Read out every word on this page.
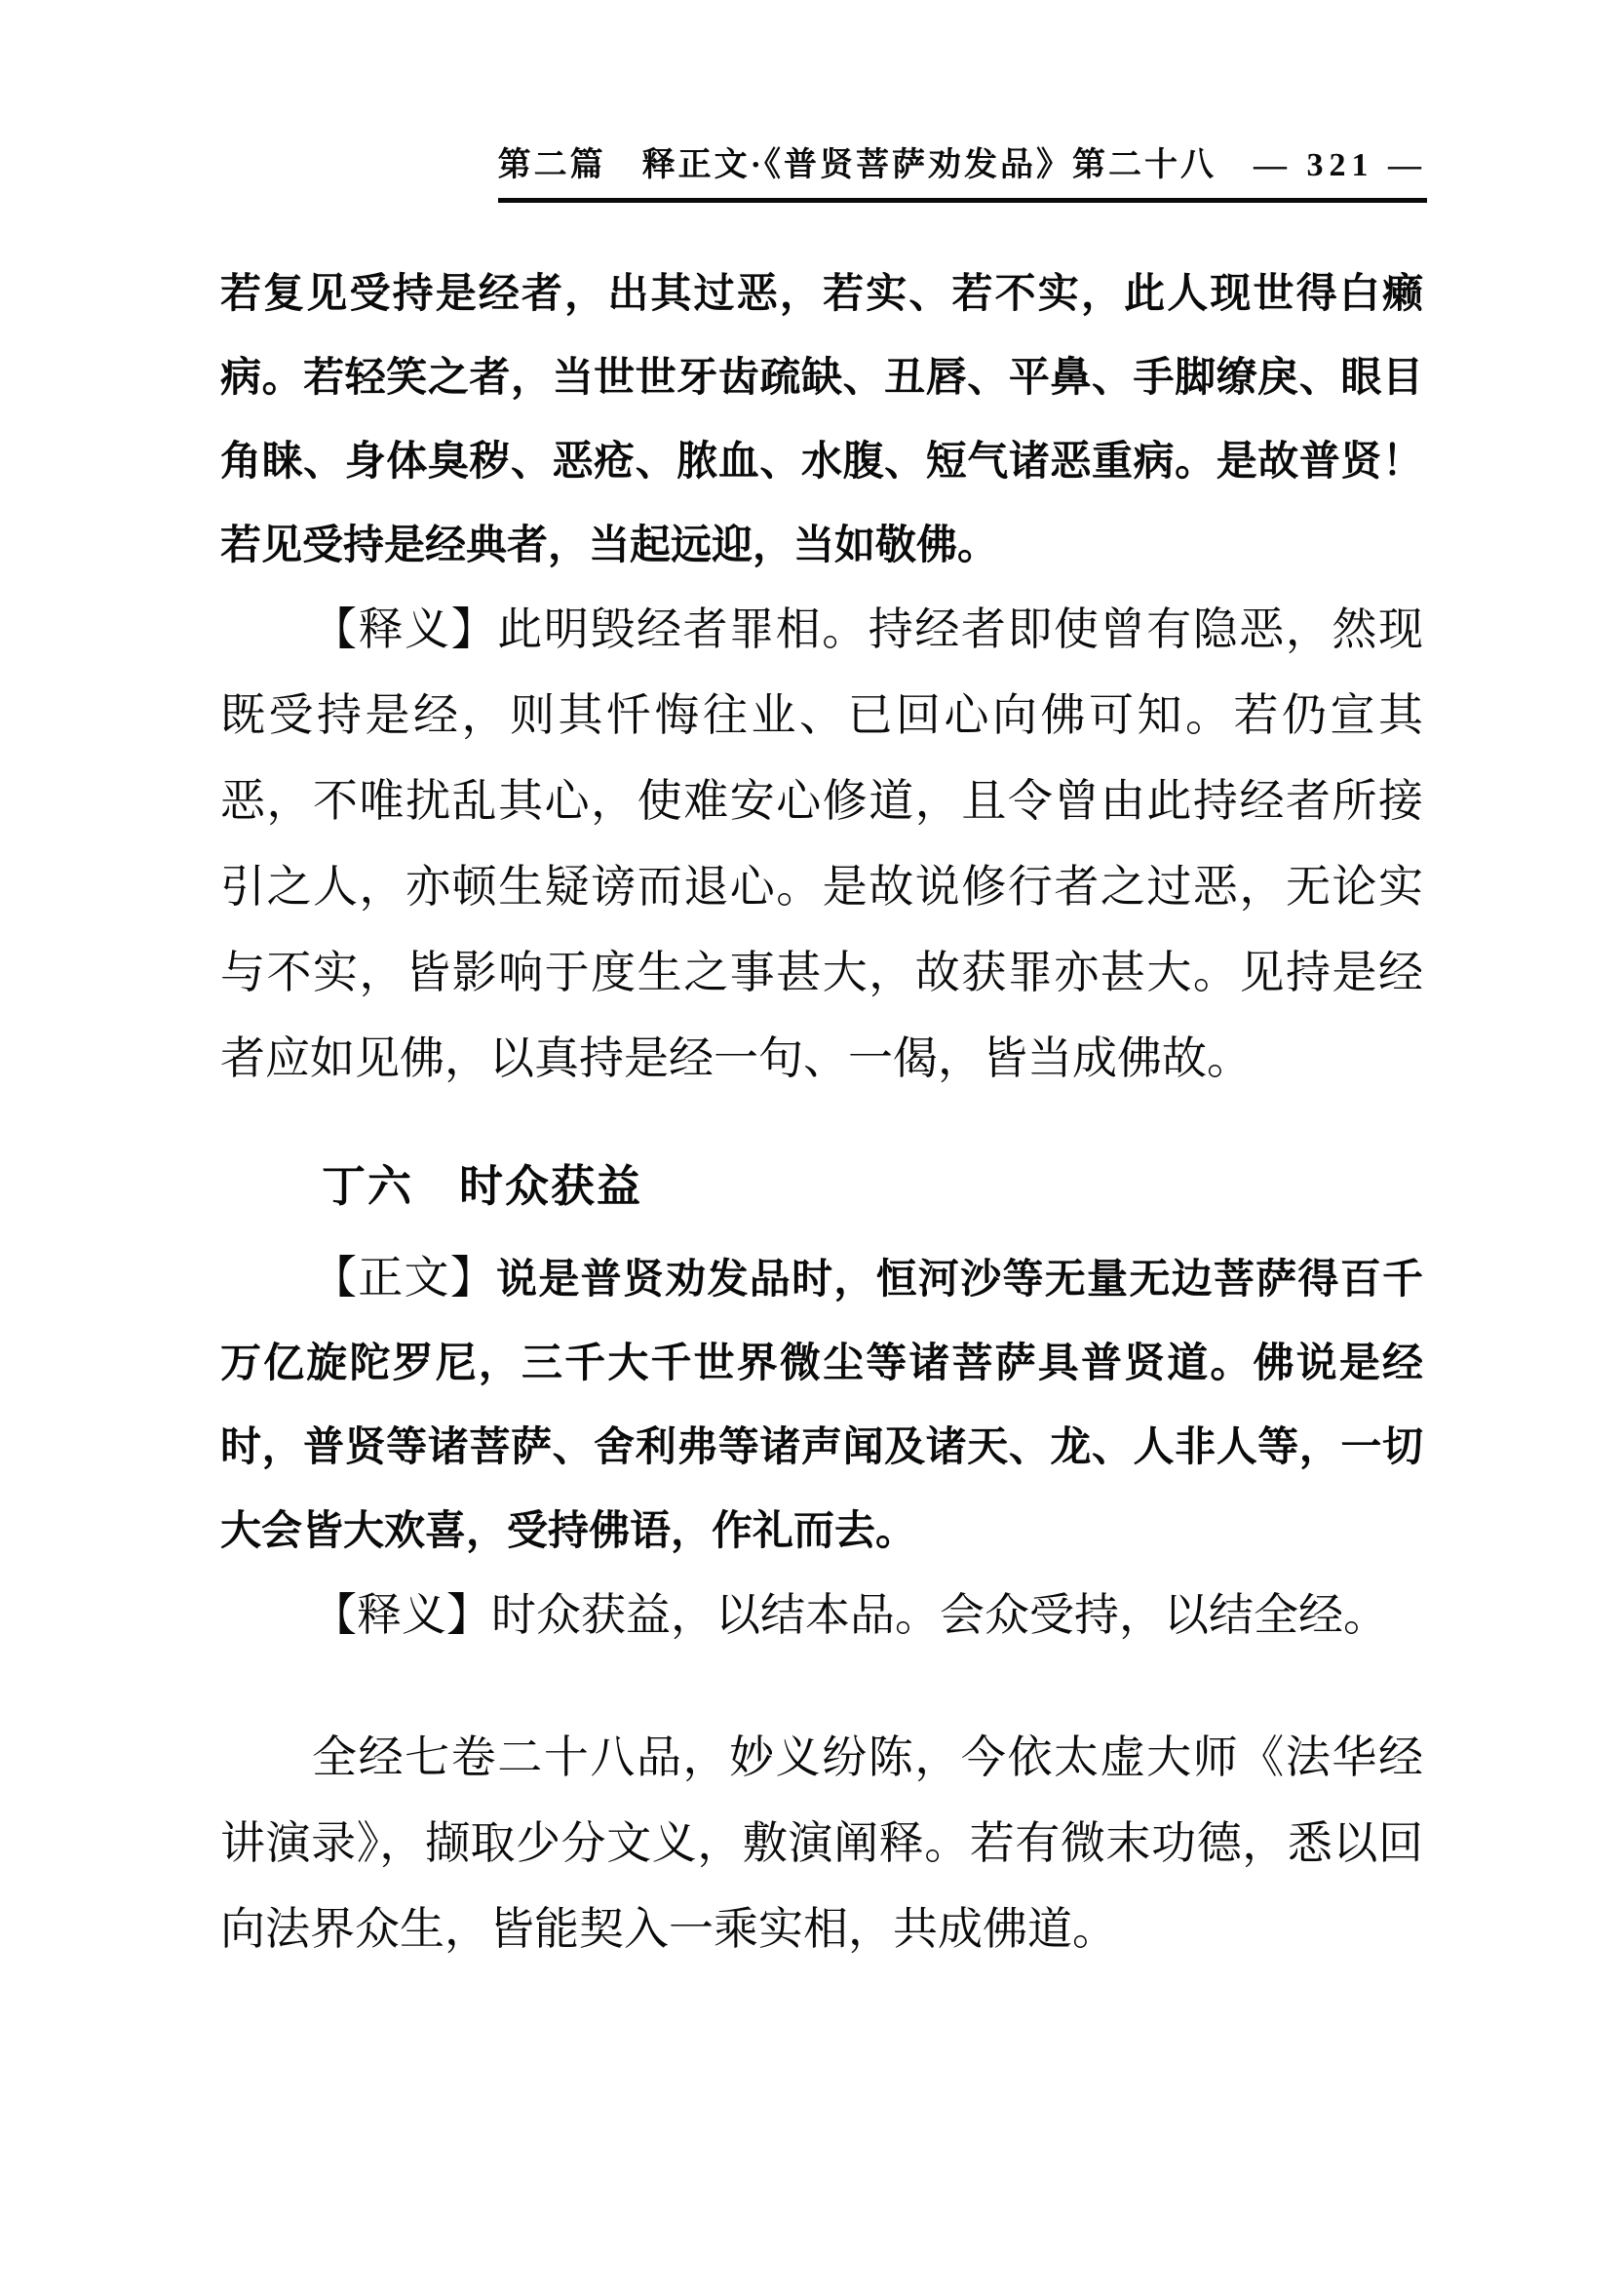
第二篇　释正文·《普贤菩萨劝发品》第二十八 — 321 —

若复见受持是经者，出其过恶，若实、若不实，此人现世得白癞病。若轻笑之者，当世世牙齿疏缺、丑唇、平鼻、手脚缭戾、眼目角睐、身体臭秽、恶疮、脓血、水腹、短气诸恶重病。是故普贤！若见受持是经典者，当起远迎，当如敬佛。

【释义】此明毁经者罪相。持经者即使曾有隐恶，然现既受持是经，则其忏悔往业、已回心向佛可知。若仍宣其恶，不唯扰乱其心，使难安心修道，且令曾由此持经者所接引之人，亦顿生疑谤而退心。是故说修行者之过恶，无论实与不实，皆影响于度生之事甚大，故获罪亦甚大。见持是经者应如见佛，以真持是经一句、一偈，皆当成佛故。

丁六　时众获益

【正文】说是普贤劝发品时，恒河沙等无量无边菩萨得百千万亿旋陀罗尼，三千大千世界微尘等诸菩萨具普贤道。佛说是经时，普贤等诸菩萨、舍利弗等诸声闻及诸天、龙、人非人等，一切大会皆大欢喜，受持佛语，作礼而去。

【释义】时众获益，以结本品。会众受持，以结全经。

全经七卷二十八品，妙义纷陈，今依太虚大师《法华经讲演录》，撷取少分文义，敷演阐释。若有微末功德，悉以回向法界众生，皆能契入一乘实相，共成佛道。
